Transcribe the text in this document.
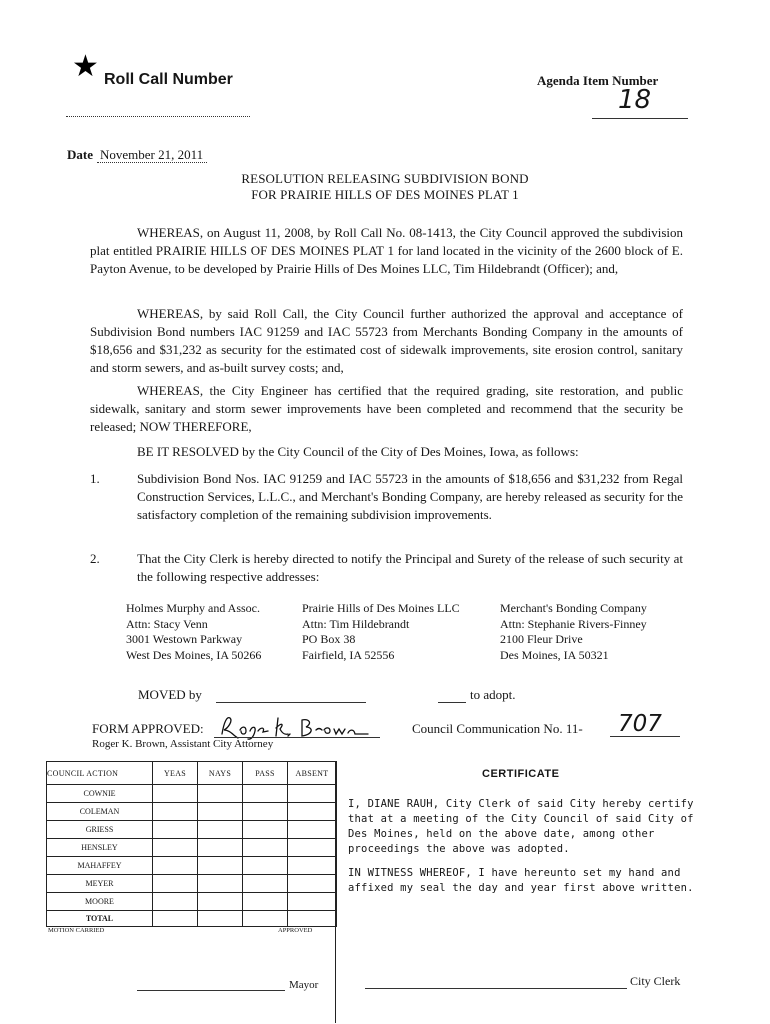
★ Roll Call Number	Agenda Item Number
18
Date November 21, 2011
RESOLUTION RELEASING SUBDIVISION BOND
FOR PRAIRIE HILLS OF DES MOINES PLAT 1

WHEREAS, on August 11, 2008, by Roll Call No. 08-1413, the City Council approved the subdivision plat entitled PRAIRIE HILLS OF DES MOINES PLAT 1 for land located in the vicinity of the 2600 block of E. Payton Avenue, to be developed by Prairie Hills of Des Moines LLC, Tim Hildebrandt (Officer); and,

WHEREAS, by said Roll Call, the City Council further authorized the approval and acceptance of Subdivision Bond numbers IAC 91259 and IAC 55723 from Merchants Bonding Company in the amounts of $18,656 and $31,232 as security for the estimated cost of sidewalk improvements, site erosion control, sanitary and storm sewers, and as-built survey costs; and,

WHEREAS, the City Engineer has certified that the required grading, site restoration, and public sidewalk, sanitary and storm sewer improvements have been completed and recommend that the security be released; NOW THEREFORE,

BE IT RESOLVED by the City Council of the City of Des Moines, Iowa, as follows:

1.	Subdivision Bond Nos. IAC 91259 and IAC 55723 in the amounts of $18,656 and $31,232 from Regal Construction Services, L.L.C., and Merchant's Bonding Company, are hereby released as security for the satisfactory completion of the remaining subdivision improvements.
2.	That the City Clerk is hereby directed to notify the Principal and Surety of the release of such security at the following respective addresses:
Holmes Murphy and Assoc.
Attn: Stacy Venn
3001 Westown Parkway
West Des Moines, IA 50266
Prairie Hills of Des Moines LLC
Attn: Tim Hildebrandt
PO Box 38
Fairfield, IA 52556
Merchant's Bonding Company
Attn: Stephanie Rivers-Finney
2100 Fleur Drive
Des Moines, IA 50321
MOVED by	to adopt.
FORM APPROVED:
Roger K. Brown, Assistant City Attorney
Council Communication No. 11- 707
COUNCIL ACTION	YEAS	NAYS	PASS	ABSENT
COWNIE				
COLEMAN				
GRIESS				
HENSLEY				
MAHAFFEY				
MEYER				
MOORE				
TOTAL				
MOTION CARRIED	APPROVED
Mayor
CERTIFICATE
I, DIANE RAUH, City Clerk of said City hereby certify that at a meeting of the City Council of said City of Des Moines, held on the above date, among other proceedings the above was adopted.
IN WITNESS WHEREOF, I have hereunto set my hand and affixed my seal the day and year first above written.
City Clerk
